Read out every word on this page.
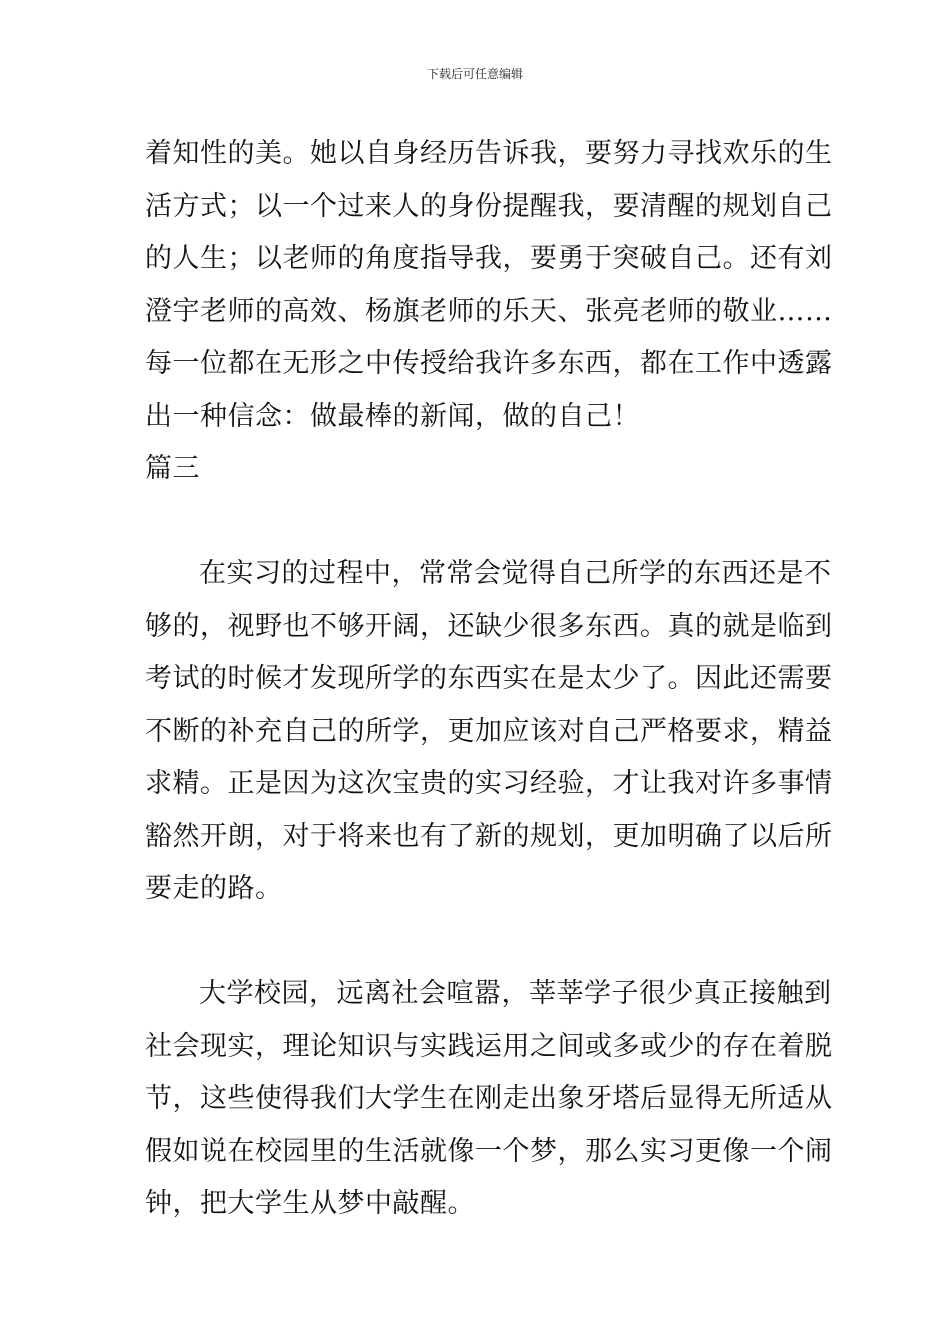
下载后可任意编辑
着知性的美。她以自身经历告诉我，要努力寻找欢乐的生
活方式；以一个过来人的身份提醒我，要清醒的规划自己
的人生；以老师的角度指导我，要勇于突破自己。还有刘
澄宇老师的高效、杨旗老师的乐天、张亮老师的敬业……
每一位都在无形之中传授给我许多东西，都在工作中透露
出一种信念：做最棒的新闻，做的自己！
篇三
在实习的过程中，常常会觉得自己所学的东西还是不
够的，视野也不够开阔，还缺少很多东西。真的就是临到
考试的时候才发现所学的东西实在是太少了。因此还需要
不断的补充自己的所学，更加应该对自己严格要求，精益
求精。正是因为这次宝贵的实习经验，才让我对许多事情
豁然开朗，对于将来也有了新的规划，更加明确了以后所
要走的路。
大学校园，远离社会喧嚣，莘莘学子很少真正接触到
社会现实，理论知识与实践运用之间或多或少的存在着脱
节，这些使得我们大学生在刚走出象牙塔后显得无所适从
假如说在校园里的生活就像一个梦，那么实习更像一个闹
钟，把大学生从梦中敲醒。
